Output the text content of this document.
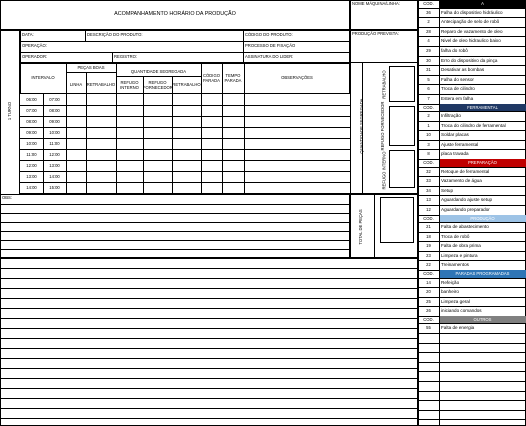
ACOMPANHAMENTO HORÁRIO DA PRODUÇÃO
NOME MÁQUINA/LINHA:
PRODUÇÃO PREVISTA:
DATA:	DESCRIÇÃO DO PRODUTO:	CÓDIGO DO PRODUTO:
OPERAÇÃO:	PROCESSO DE FIXAÇÃO
OPERADOR:	REGISTRO:	ASSINATURA DO LIDER:
1 TURNO
INTERVALO
PEÇAS BOAS
QUANTIDADE SEGREGADA
LINHA	RETRABALHO	REFUGO INTERNO
REFUGO FORNECEDOR
RETRABALHO
CÓDIGO PARADA
TEMPO PARADA
OBSERVAÇÕES
06:00	07:00
07:00	08:00
08:00	09:00
09:00	10:00
10:00	11:00
11:00	12:00
12:00	13:00
13:00	14:00
14:00	15:00
OBS:
QUANTIDADE SEGREGADA
RETRABALHO
REFUGO FORNECEDOR
REFUGO INTERNO
TOTAL DE PEÇAS
COD.	A
36	Falha do dispositivo hidráulico
2	Antecipação de selo de robô
28	Reparo de vazamento de oleo
4	Nivel de oleo hidraulico baixo
29	falha do robô
30	Erro do dispositivo da pinça
31	Desativar as bombas
5	Falha do sensor
6	Troca de cilindro
7	Estera em falha
COD.	FERRAMENTAL
2	Infiltração
1	Troca do cilindro de ferramental
10	Soldar placas
3	Ajuste ferramental
8	placa travada
COD.	PREPARAÇÃO
32	Retoque de ferramental
33	Vazamento de água
34	Setup
13	Aguardando ajuste setup
12	Aguardando preparador
COD.	PRODUÇÃO
21	Falta de abastecimento
18	Troca de robô
19	Falta de obra prima
23	Limpeza e pintura
22	Treinamentos
COD.	PARADAS PROGRAMADAS
14	Refeição
20	banheiro
25	Limpeza geral
26	iniciando comandos
COD.	OUTROS
55	Falta de energia
